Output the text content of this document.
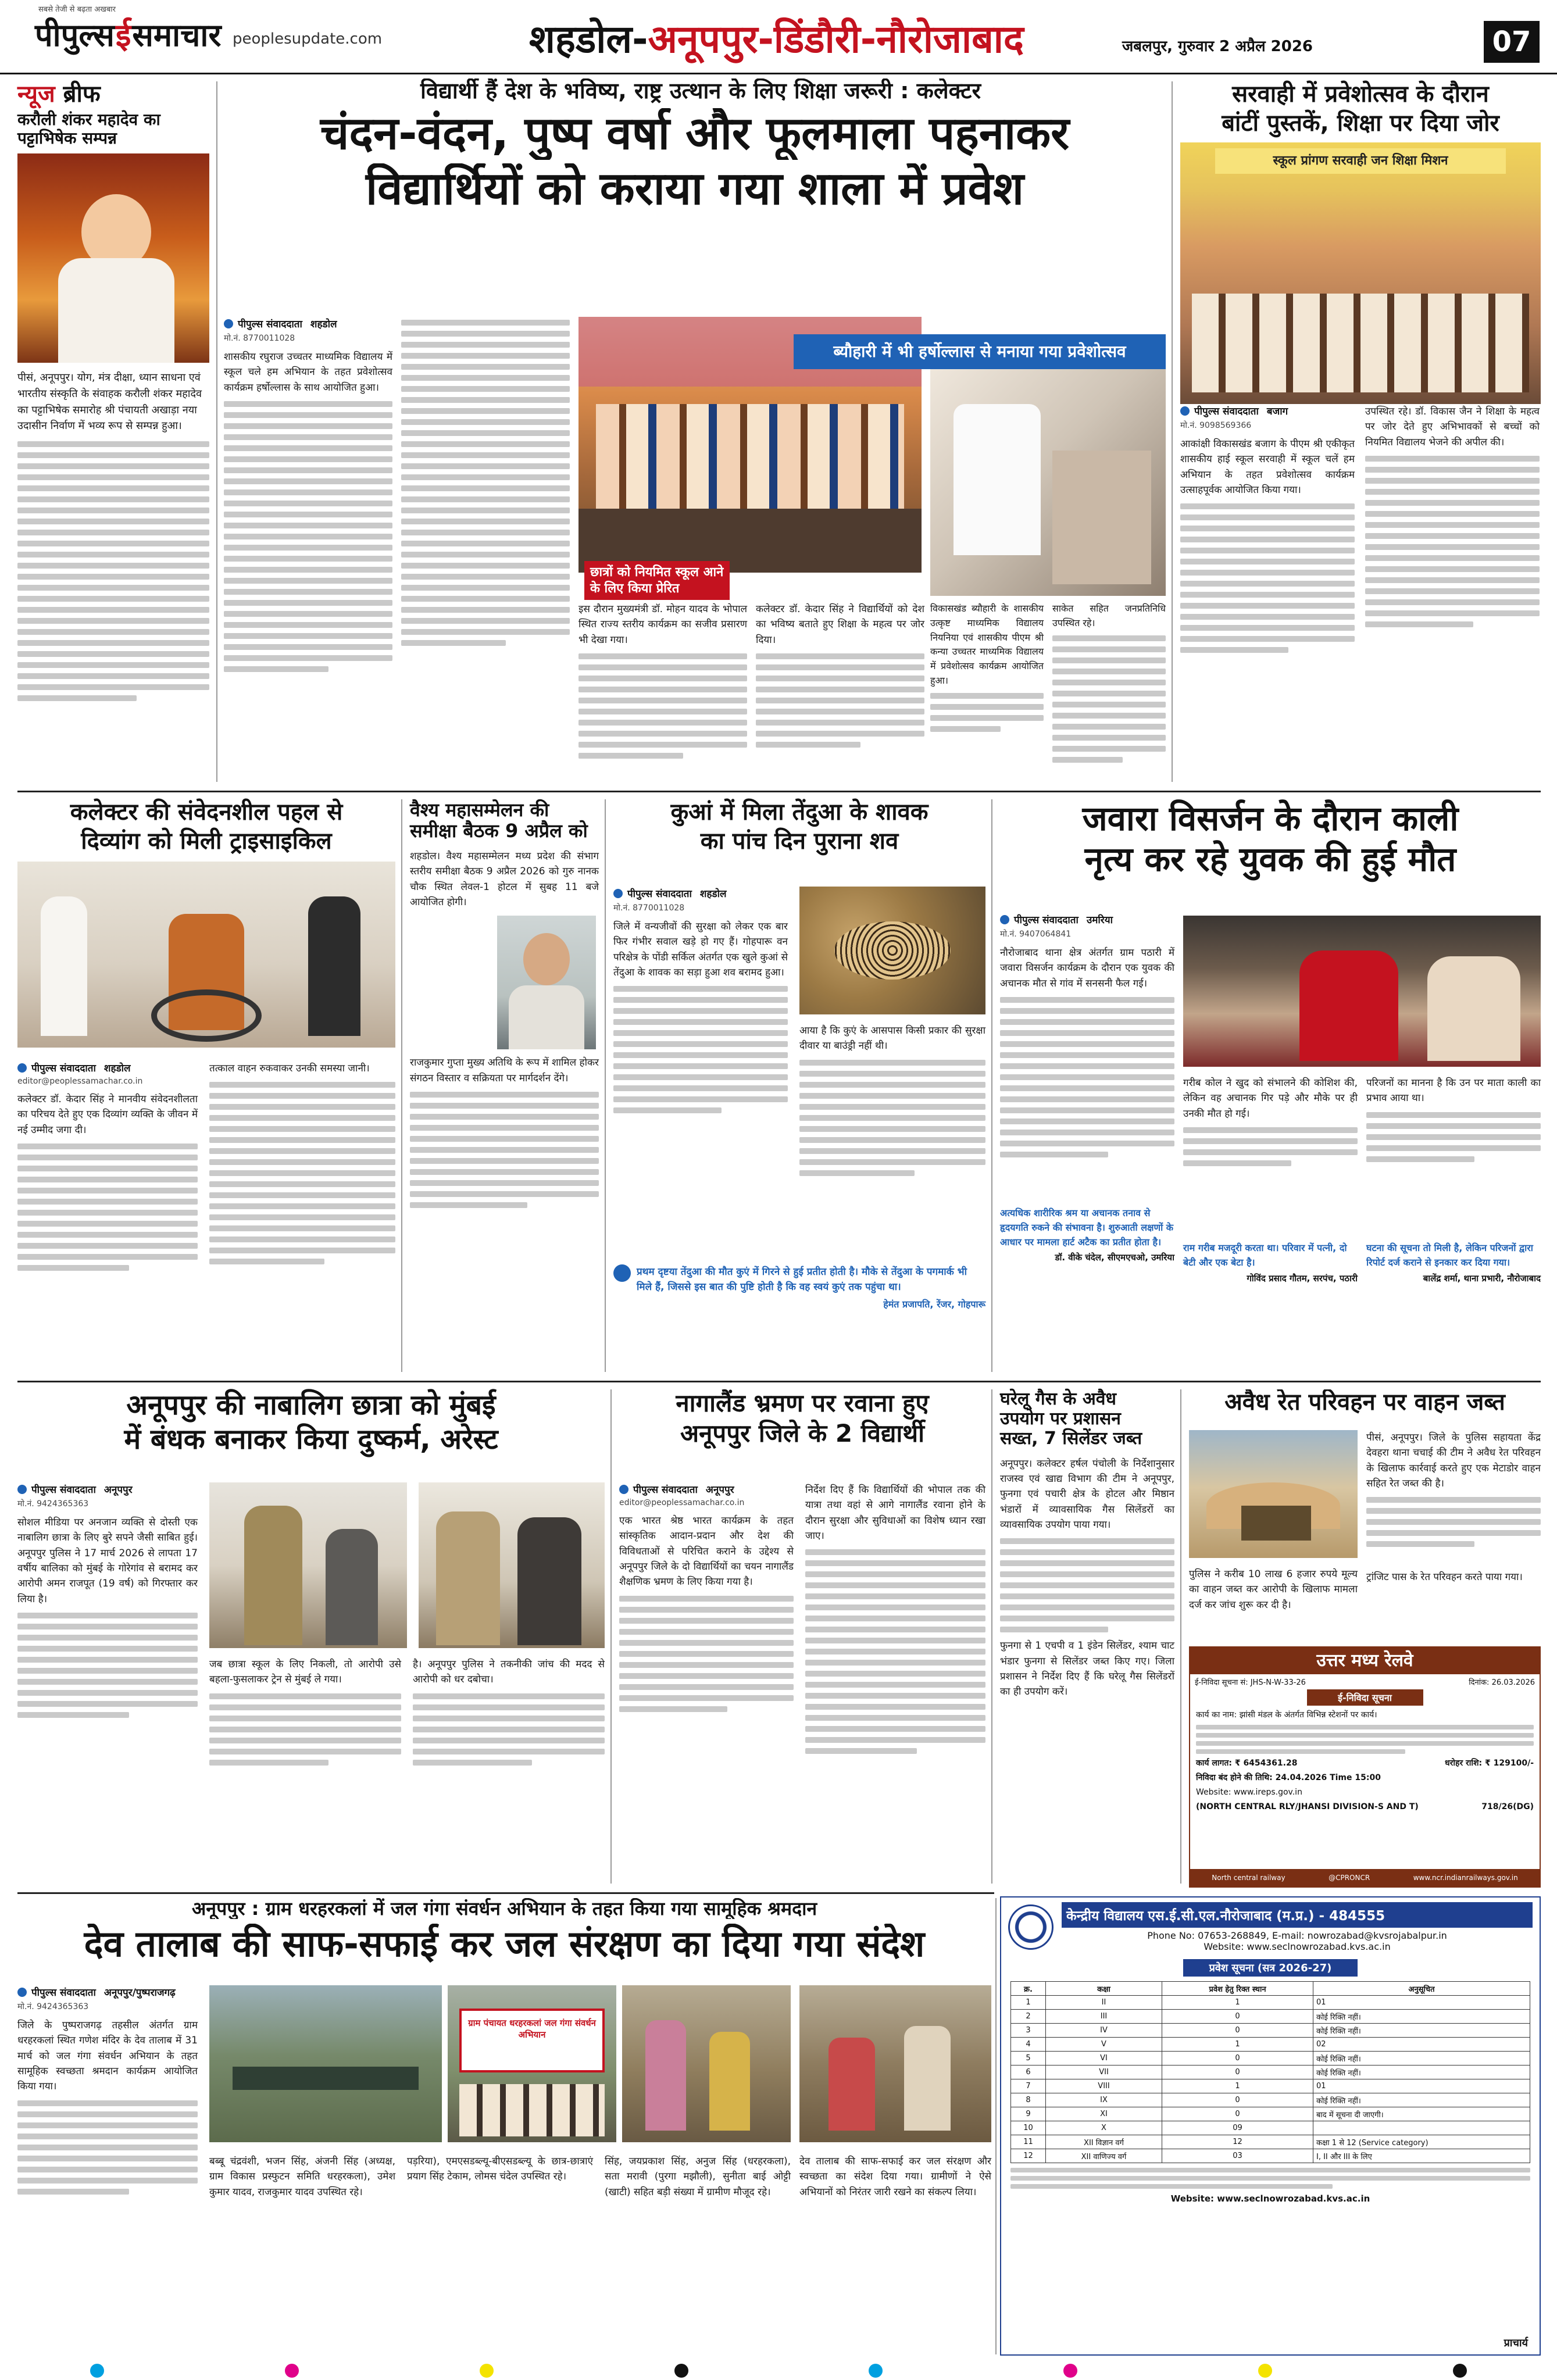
पीपुल्स ई समाचार
सबसे तेजी से बढ़ता अखबार
peoplesupdate.com	शहडोल-अनूपपुर-डिंडौरी-नौरोजाबाद	जबलपुर, गुरुवार 2 अप्रैल 2026	07
न्यूज ब्रीफ
करौली शंकर महादेव का पट्टाभिषेक सम्पन्न
पीसं, अनूपपुर। योग, मंत्र दीक्षा, ध्यान साधना एवं भारतीय संस्कृति के संवाहक करौली शंकर महादेव का पट्टाभिषेक समारोह श्री पंचायती अखाड़ा नया उदासीन निर्वाण में भव्य रूप से सम्पन्न हुआ।
विद्यार्थी हैं देश के भविष्य, राष्ट्र उत्थान के लिए शिक्षा जरूरी : कलेक्टर
चंदन-वंदन, पुष्प वर्षा और फूलमाला पहनाकर
विद्यार्थियों को कराया गया शाला में प्रवेश
पीपुल्स संवाददाता शहडोल
मो.नं. 8770011028
शासकीय रघुराज उच्चतर माध्यमिक विद्यालय में स्कूल चले हम अभियान के तहत प्रवेशोत्सव कार्यक्रम हर्षोल्लास के साथ आयोजित हुआ।
छात्रों को नियमित स्कूल आने के लिए किया प्रेरित
इस दौरान मुख्यमंत्री डॉ. मोहन यादव के भोपाल स्थित राज्य स्तरीय कार्यक्रम का सजीव प्रसारण भी देखा गया।
कलेक्टर डॉ. केदार सिंह ने विद्यार्थियों को देश का भविष्य बताते हुए शिक्षा के महत्व पर जोर दिया।
ब्यौहारी में भी हर्षोल्लास से मनाया गया प्रवेशोत्सव
विकासखंड ब्यौहारी के शासकीय उत्कृष्ट माध्यमिक विद्यालय नियनिया एवं शासकीय पीएम श्री कन्या उच्चतर माध्यमिक विद्यालय में प्रवेशोत्सव कार्यक्रम आयोजित हुआ।
साकेत सहित जनप्रतिनिधि उपस्थित रहे।
सरवाही में प्रवेशोत्सव के दौरान
बांटीं पुस्तकें, शिक्षा पर दिया जोर
स्कूल प्रांगण सरवाही जन शिक्षा मिशन
पीपुल्स संवाददाता बजाग
मो.नं. 9098569366
आकांक्षी विकासखंड बजाग के पीएम श्री एकीकृत शासकीय हाई स्कूल सरवाही में स्कूल चलें हम अभियान के तहत प्रवेशोत्सव कार्यक्रम उत्साहपूर्वक आयोजित किया गया।
उपस्थित रहे। डॉ. विकास जैन ने शिक्षा के महत्व पर जोर देते हुए अभिभावकों से बच्चों को नियमित विद्यालय भेजने की अपील की।
कलेक्टर की संवेदनशील पहल से
दिव्यांग को मिली ट्राइसाइकिल
पीपुल्स संवाददाता शहडोल
editor@peoplessamachar.co.in
कलेक्टर डॉ. केदार सिंह ने मानवीय संवेदनशीलता का परिचय देते हुए एक दिव्यांग व्यक्ति के जीवन में नई उम्मीद जगा दी।
तत्काल वाहन रुकवाकर उनकी समस्या जानी।
वैश्य महासम्मेलन की समीक्षा बैठक 9 अप्रैल को
शहडोल। वैश्य महासम्मेलन मध्य प्रदेश की संभाग स्तरीय समीक्षा बैठक 9 अप्रैल 2026 को गुरु नानक चौक स्थित लेवल-1 होटल में सुबह 11 बजे आयोजित होगी।
राजकुमार गुप्ता मुख्य अतिथि के रूप में शामिल होकर संगठन विस्तार व सक्रियता पर मार्गदर्शन देंगे।
कुआं में मिला तेंदुआ के शावक
का पांच दिन पुराना शव
पीपुल्स संवाददाता शहडोल
मो.नं. 8770011028
जिले में वन्यजीवों की सुरक्षा को लेकर एक बार फिर गंभीर सवाल खड़े हो गए हैं। गोहपारू वन परिक्षेत्र के पोंडी सर्किल अंतर्गत एक खुले कुआं से तेंदुआ के शावक का सड़ा हुआ शव बरामद हुआ।
आया है कि कुएं के आसपास किसी प्रकार की सुरक्षा दीवार या बाउंड्री नहीं थी।
प्रथम दृष्टया तेंदुआ की मौत कुएं में गिरने से हुई प्रतीत होती है। मौके से तेंदुआ के पगमार्क भी मिले हैं, जिससे इस बात की पुष्टि होती है कि वह स्वयं कुएं तक पहुंचा था।
हेमंत प्रजापति, रेंजर, गोहपारू
जवारा विसर्जन के दौरान काली
नृत्य कर रहे युवक की हुई मौत
पीपुल्स संवाददाता उमरिया
मो.नं. 9407064841
नौरोजाबाद थाना क्षेत्र अंतर्गत ग्राम पठारी में जवारा विसर्जन कार्यक्रम के दौरान एक युवक की अचानक मौत से गांव में सनसनी फैल गई।
गरीब कोल ने खुद को संभालने की कोशिश की, लेकिन वह अचानक गिर पड़े और मौके पर ही उनकी मौत हो गई।
परिजनों का मानना है कि उन पर माता काली का प्रभाव आया था।
अत्यधिक शारीरिक श्रम या अचानक तनाव से हृदयगति रुकने की संभावना है। शुरुआती लक्षणों के आधार पर मामला हार्ट अटैक का प्रतीत होता है।
डॉ. वीके चंदेल, सीएमएचओ, उमरिया
राम गरीब मजदूरी करता था। परिवार में पत्नी, दो बेटी और एक बेटा है।
गोविंद प्रसाद गौतम, सरपंच, पठारी
घटना की सूचना तो मिली है, लेकिन परिजनों द्वारा रिपोर्ट दर्ज कराने से इनकार कर दिया गया।
बालेंद्र शर्मा, थाना प्रभारी, नौरोजाबाद
अनूपपुर की नाबालिग छात्रा को मुंबई
में बंधक बनाकर किया दुष्कर्म, अरेस्ट
पीपुल्स संवाददाता अनूपपुर
मो.नं. 9424365363
सोशल मीडिया पर अनजान व्यक्ति से दोस्ती एक नाबालिग छात्रा के लिए बुरे सपने जैसी साबित हुई। अनूपपुर पुलिस ने 17 मार्च 2026 से लापता 17 वर्षीय बालिका को मुंबई के गोरेगांव से बरामद कर आरोपी अमन राजपूत (19 वर्ष) को गिरफ्तार कर लिया है।
जब छात्रा स्कूल के लिए निकली, तो आरोपी उसे बहला-फुसलाकर ट्रेन से मुंबई ले गया।
है। अनूपपुर पुलिस ने तकनीकी जांच की मदद से आरोपी को धर दबोचा।
नागालैंड भ्रमण पर रवाना हुए
अनूपपुर जिले के 2 विद्यार्थी
पीपुल्स संवाददाता अनूपपुर
editor@peoplessamachar.co.in
एक भारत श्रेष्ठ भारत कार्यक्रम के तहत सांस्कृतिक आदान-प्रदान और देश की विविधताओं से परिचित कराने के उद्देश्य से अनूपपुर जिले के दो विद्यार्थियों का चयन नागालैंड शैक्षणिक भ्रमण के लिए किया गया है।
निर्देश दिए हैं कि विद्यार्थियों की भोपाल तक की यात्रा तथा वहां से आगे नागालैंड रवाना होने के दौरान सुरक्षा और सुविधाओं का विशेष ध्यान रखा जाए।
घरेलू गैस के अवैध
उपयोग पर प्रशासन
सख्त, 7 सिलेंडर जब्त
अनूपपुर। कलेक्टर हर्षल पंचोली के निर्देशानुसार राजस्व एवं खाद्य विभाग की टीम ने अनूपपुर, फुनगा एवं पचारी क्षेत्र के होटल और मिष्ठान भंडारों में व्यावसायिक गैस सिलेंडरों का व्यावसायिक उपयोग पाया गया।
फुनगा से 1 एचपी व 1 इंडेन सिलेंडर, श्याम चाट भंडार फुनगा से सिलेंडर जब्त किए गए। जिला प्रशासन ने निर्देश दिए हैं कि घरेलू गैस सिलेंडरों का ही उपयोग करें।
अवैध रेत परिवहन पर वाहन जब्त
पीसं, अनूपपुर। जिले के पुलिस सहायता केंद्र देवहरा थाना चचाई की टीम ने अवैध रेत परिवहन के खिलाफ कार्रवाई करते हुए एक मेटाडोर वाहन सहित रेत जब्त की है।
ट्रांजिट पास के रेत परिवहन करते पाया गया।
पुलिस ने करीब 10 लाख 6 हजार रुपये मूल्य का वाहन जब्त कर आरोपी के खिलाफ मामला दर्ज कर जांच शुरू कर दी है।
उत्तर मध्य रेलवे
ई-निविदा सूचना सं: JHS-N-W-33-26	दिनांक: 26.03.2026
ई-निविदा सूचना
कार्य का नाम: झांसी मंडल के अंतर्गत विभिन्न स्टेशनों पर कार्य।
कार्य लागत: ₹ 6454361.28	धरोहर राशि: ₹ 129100/-
निविदा बंद होने की तिथि: 24.04.2026 Time 15:00
Website: www.ireps.gov.in
(NORTH CENTRAL RLY/JHANSI DIVISION-S AND T)	718/26(DG)
North central railway	@CPRONCR	www.ncr.indianrailways.gov.in
अनूपपुर : ग्राम धरहरकलां में जल गंगा संवर्धन अभियान के तहत किया गया सामूहिक श्रमदान
देव तालाब की साफ-सफाई कर जल संरक्षण का दिया गया संदेश
पीपुल्स संवाददाता अनूपपुर/पुष्पराजगढ़
मो.नं. 9424365363
जिले के पुष्पराजगढ़ तहसील अंतर्गत ग्राम धरहरकलां स्थित गणेश मंदिर के देव तालाब में 31 मार्च को जल गंगा संवर्धन अभियान के तहत सामूहिक स्वच्छता श्रमदान कार्यक्रम आयोजित किया गया।
ग्राम पंचायत धरहरकलां जल गंगा संवर्धन अभियान
बब्बू चंद्रवंशी, भजन सिंह, अंजनी सिंह (अध्यक्ष, ग्राम विकास प्रस्फुटन समिति धरहरकला), उमेश कुमार यादव, राजकुमार यादव उपस्थित रहे।
पड़रिया), एमएसडब्ल्यू-बीएसडब्ल्यू के छात्र-छात्राएं प्रयाग सिंह टेकाम, लोमस चंदेल उपस्थित रहे।
सिंह, जयप्रकाश सिंह, अनुज सिंह (धरहरकला), सता मरावी (पुरगा मझौली), सुनीता बाई ओट्टी (खाटी) सहित बड़ी संख्या में ग्रामीण मौजूद रहे।
देव तालाब की साफ-सफाई कर जल संरक्षण और स्वच्छता का संदेश दिया गया। ग्रामीणों ने ऐसे अभियानों को निरंतर जारी रखने का संकल्प लिया।
केन्द्रीय विद्यालय एस.ई.सी.एल.नौरोजाबाद (म.प्र.) - 484555
Phone No: 07653-268849, E-mail: nowrozabad@kvsrojabalpur.in
Website: www.seclnowrozabad.kvs.ac.in
प्रवेश सूचना (सत्र 2026-27)
क्र.	कक्षा	प्रवेश हेतु रिक्त स्थान	अनुसूचित
1	II	1	01
2	III	0	कोई रिक्ति नहीं।
3	IV	0	कोई रिक्ति नहीं।
4	V	1	02
5	VI	0	कोई रिक्ति नहीं।
6	VII	0	कोई रिक्ति नहीं।
7	VIII	1	01
8	IX	0	कोई रिक्ति नहीं।
9	XI	0	बाद में सूचना दी जाएगी।
10	X	09	
11	XII विज्ञान वर्ग	12	कक्षा 1 से 12 (Service category)
12	XII वाणिज्य वर्ग	03	I, II और III के लिए
Website: www.seclnowrozabad.kvs.ac.in
प्राचार्य
